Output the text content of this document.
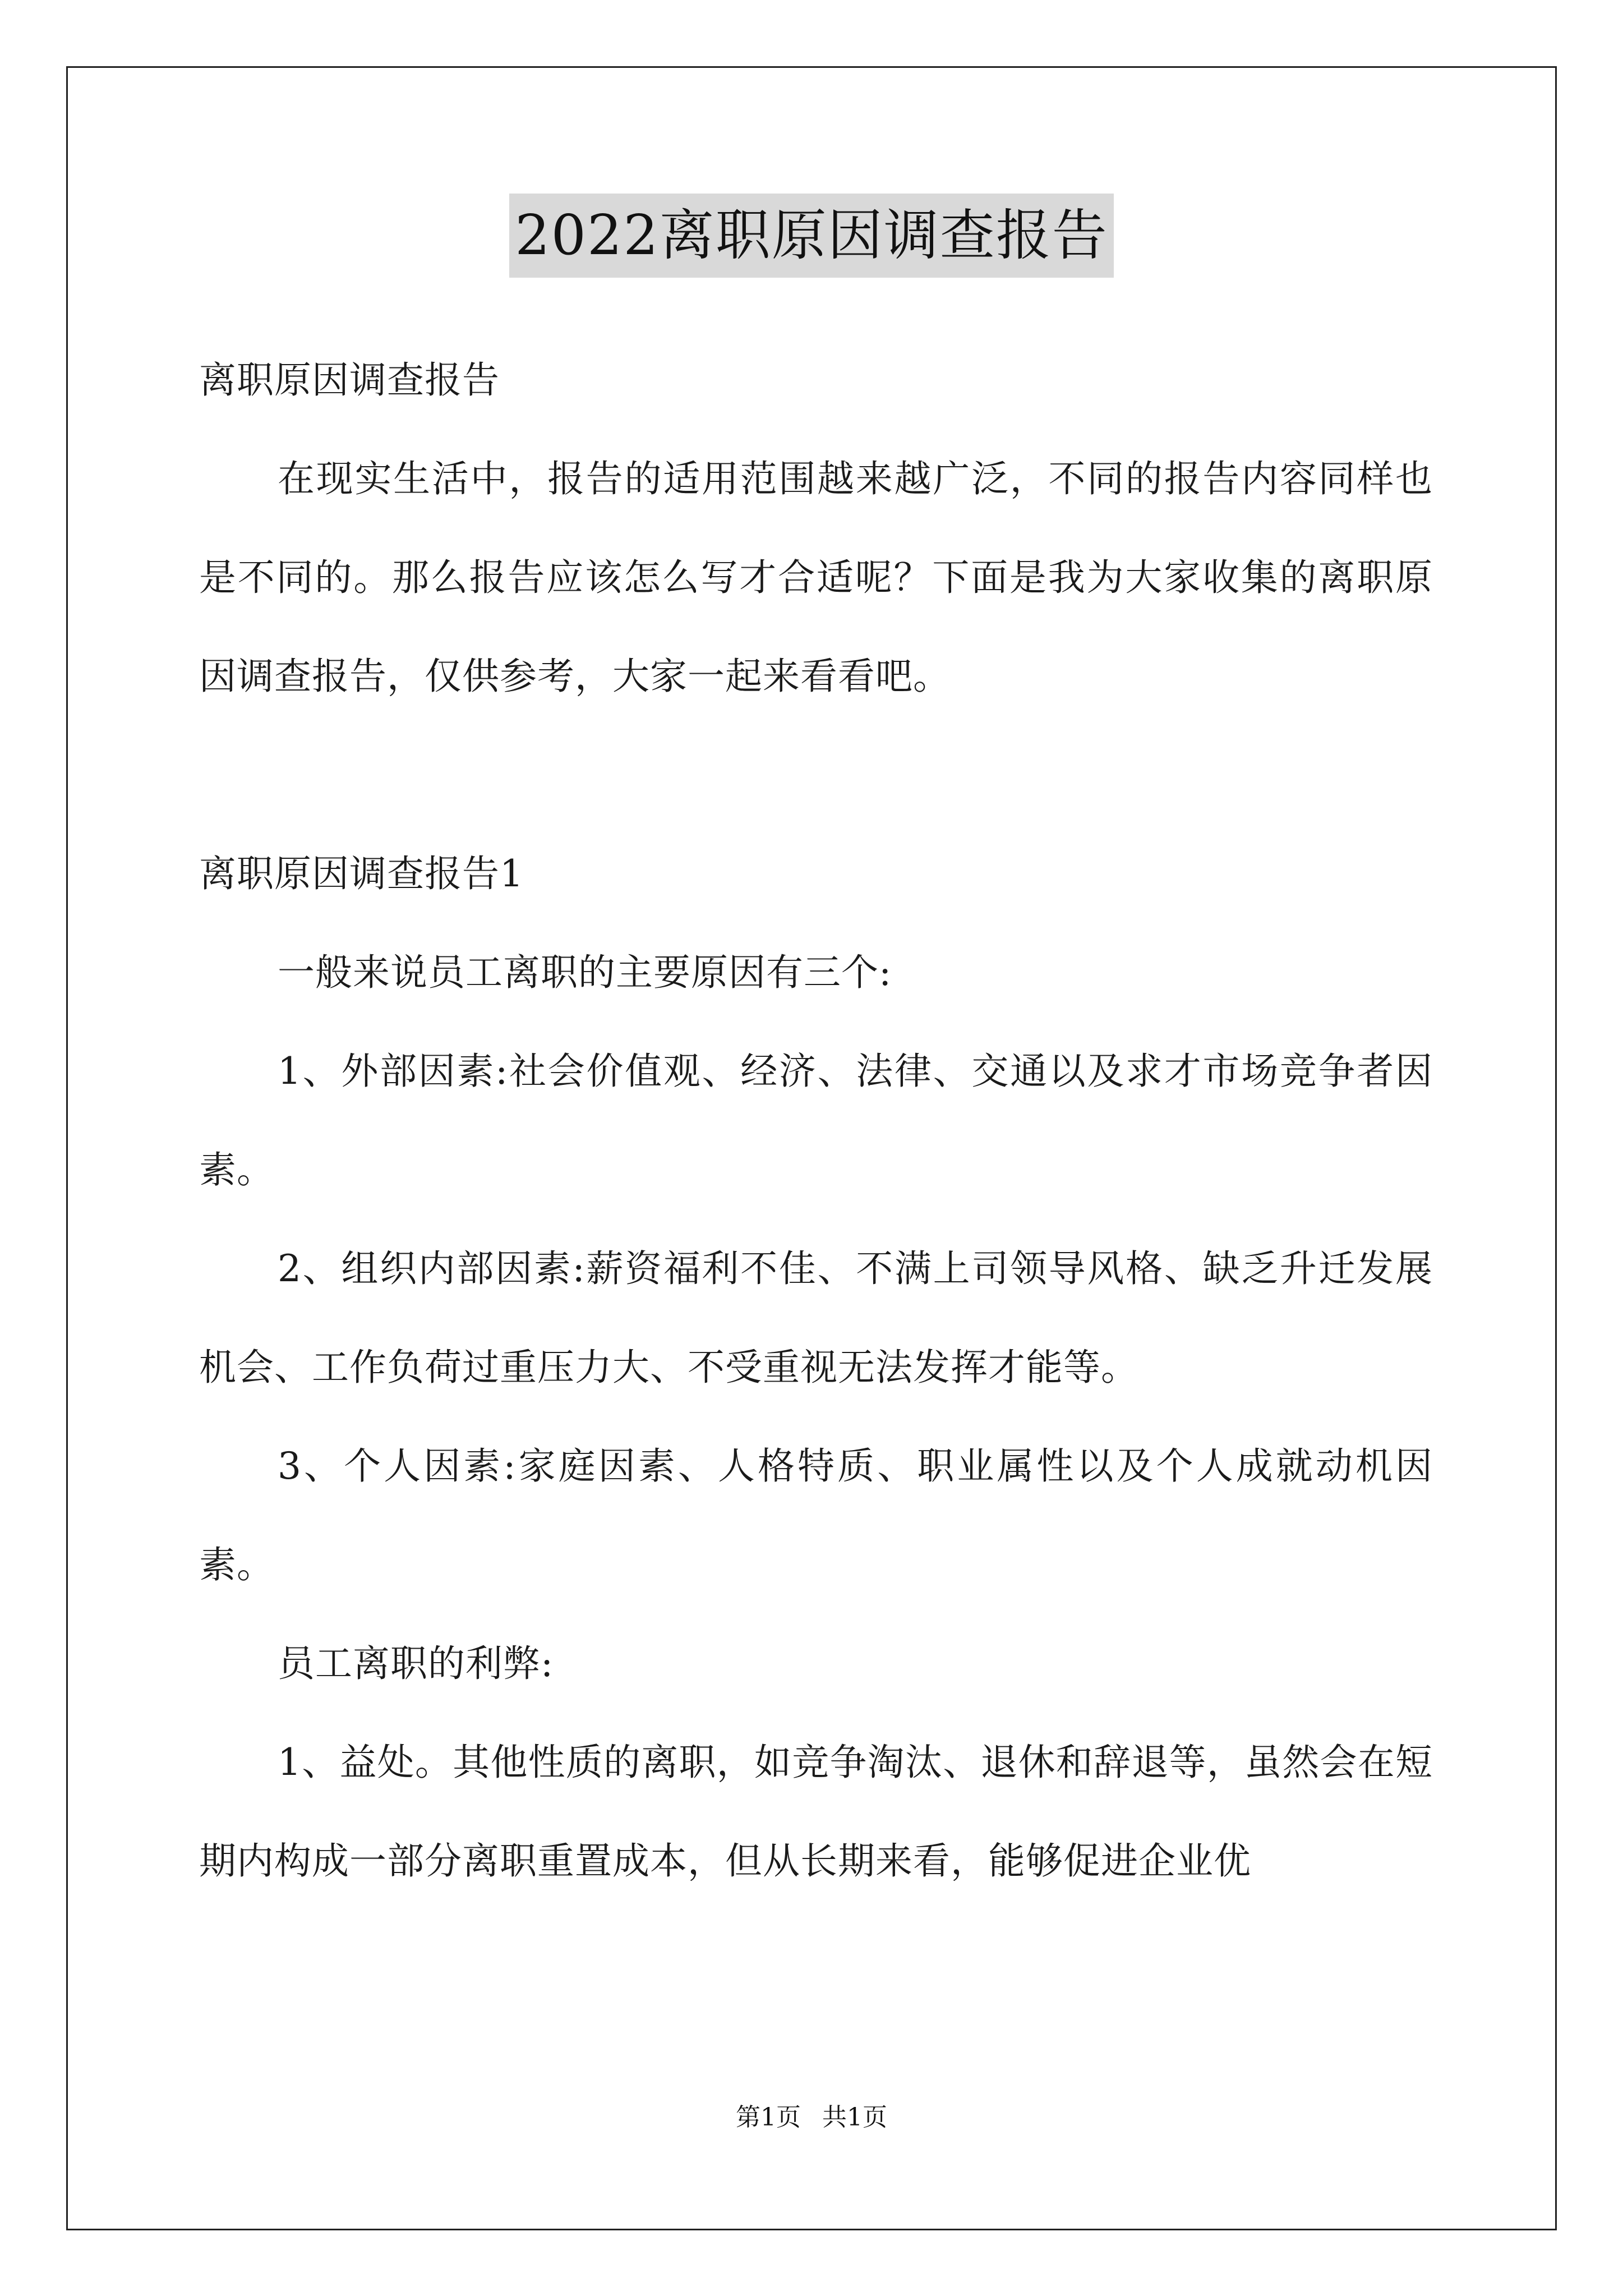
2022离职原因调查报告

离职原因调查报告

在现实生活中，报告的适用范围越来越广泛，不同的报告内容同样也是不同的。那么报告应该怎么写才合适呢？下面是我为大家收集的离职原因调查报告，仅供参考，大家一起来看看吧。

离职原因调查报告1

一般来说员工离职的主要原因有三个:

1、外部因素:社会价值观、经济、法律、交通以及求才市场竞争者因素。

2、组织内部因素:薪资福利不佳、不满上司领导风格、缺乏升迁发展机会、工作负荷过重压力大、不受重视无法发挥才能等。

3、个人因素:家庭因素、人格特质、职业属性以及个人成就动机因素。

员工离职的利弊:

1、益处。其他性质的离职，如竞争淘汰、退休和辞退等，虽然会在短期内构成一部分离职重置成本，但从长期来看，能够促进企业优

第1页 共1页
